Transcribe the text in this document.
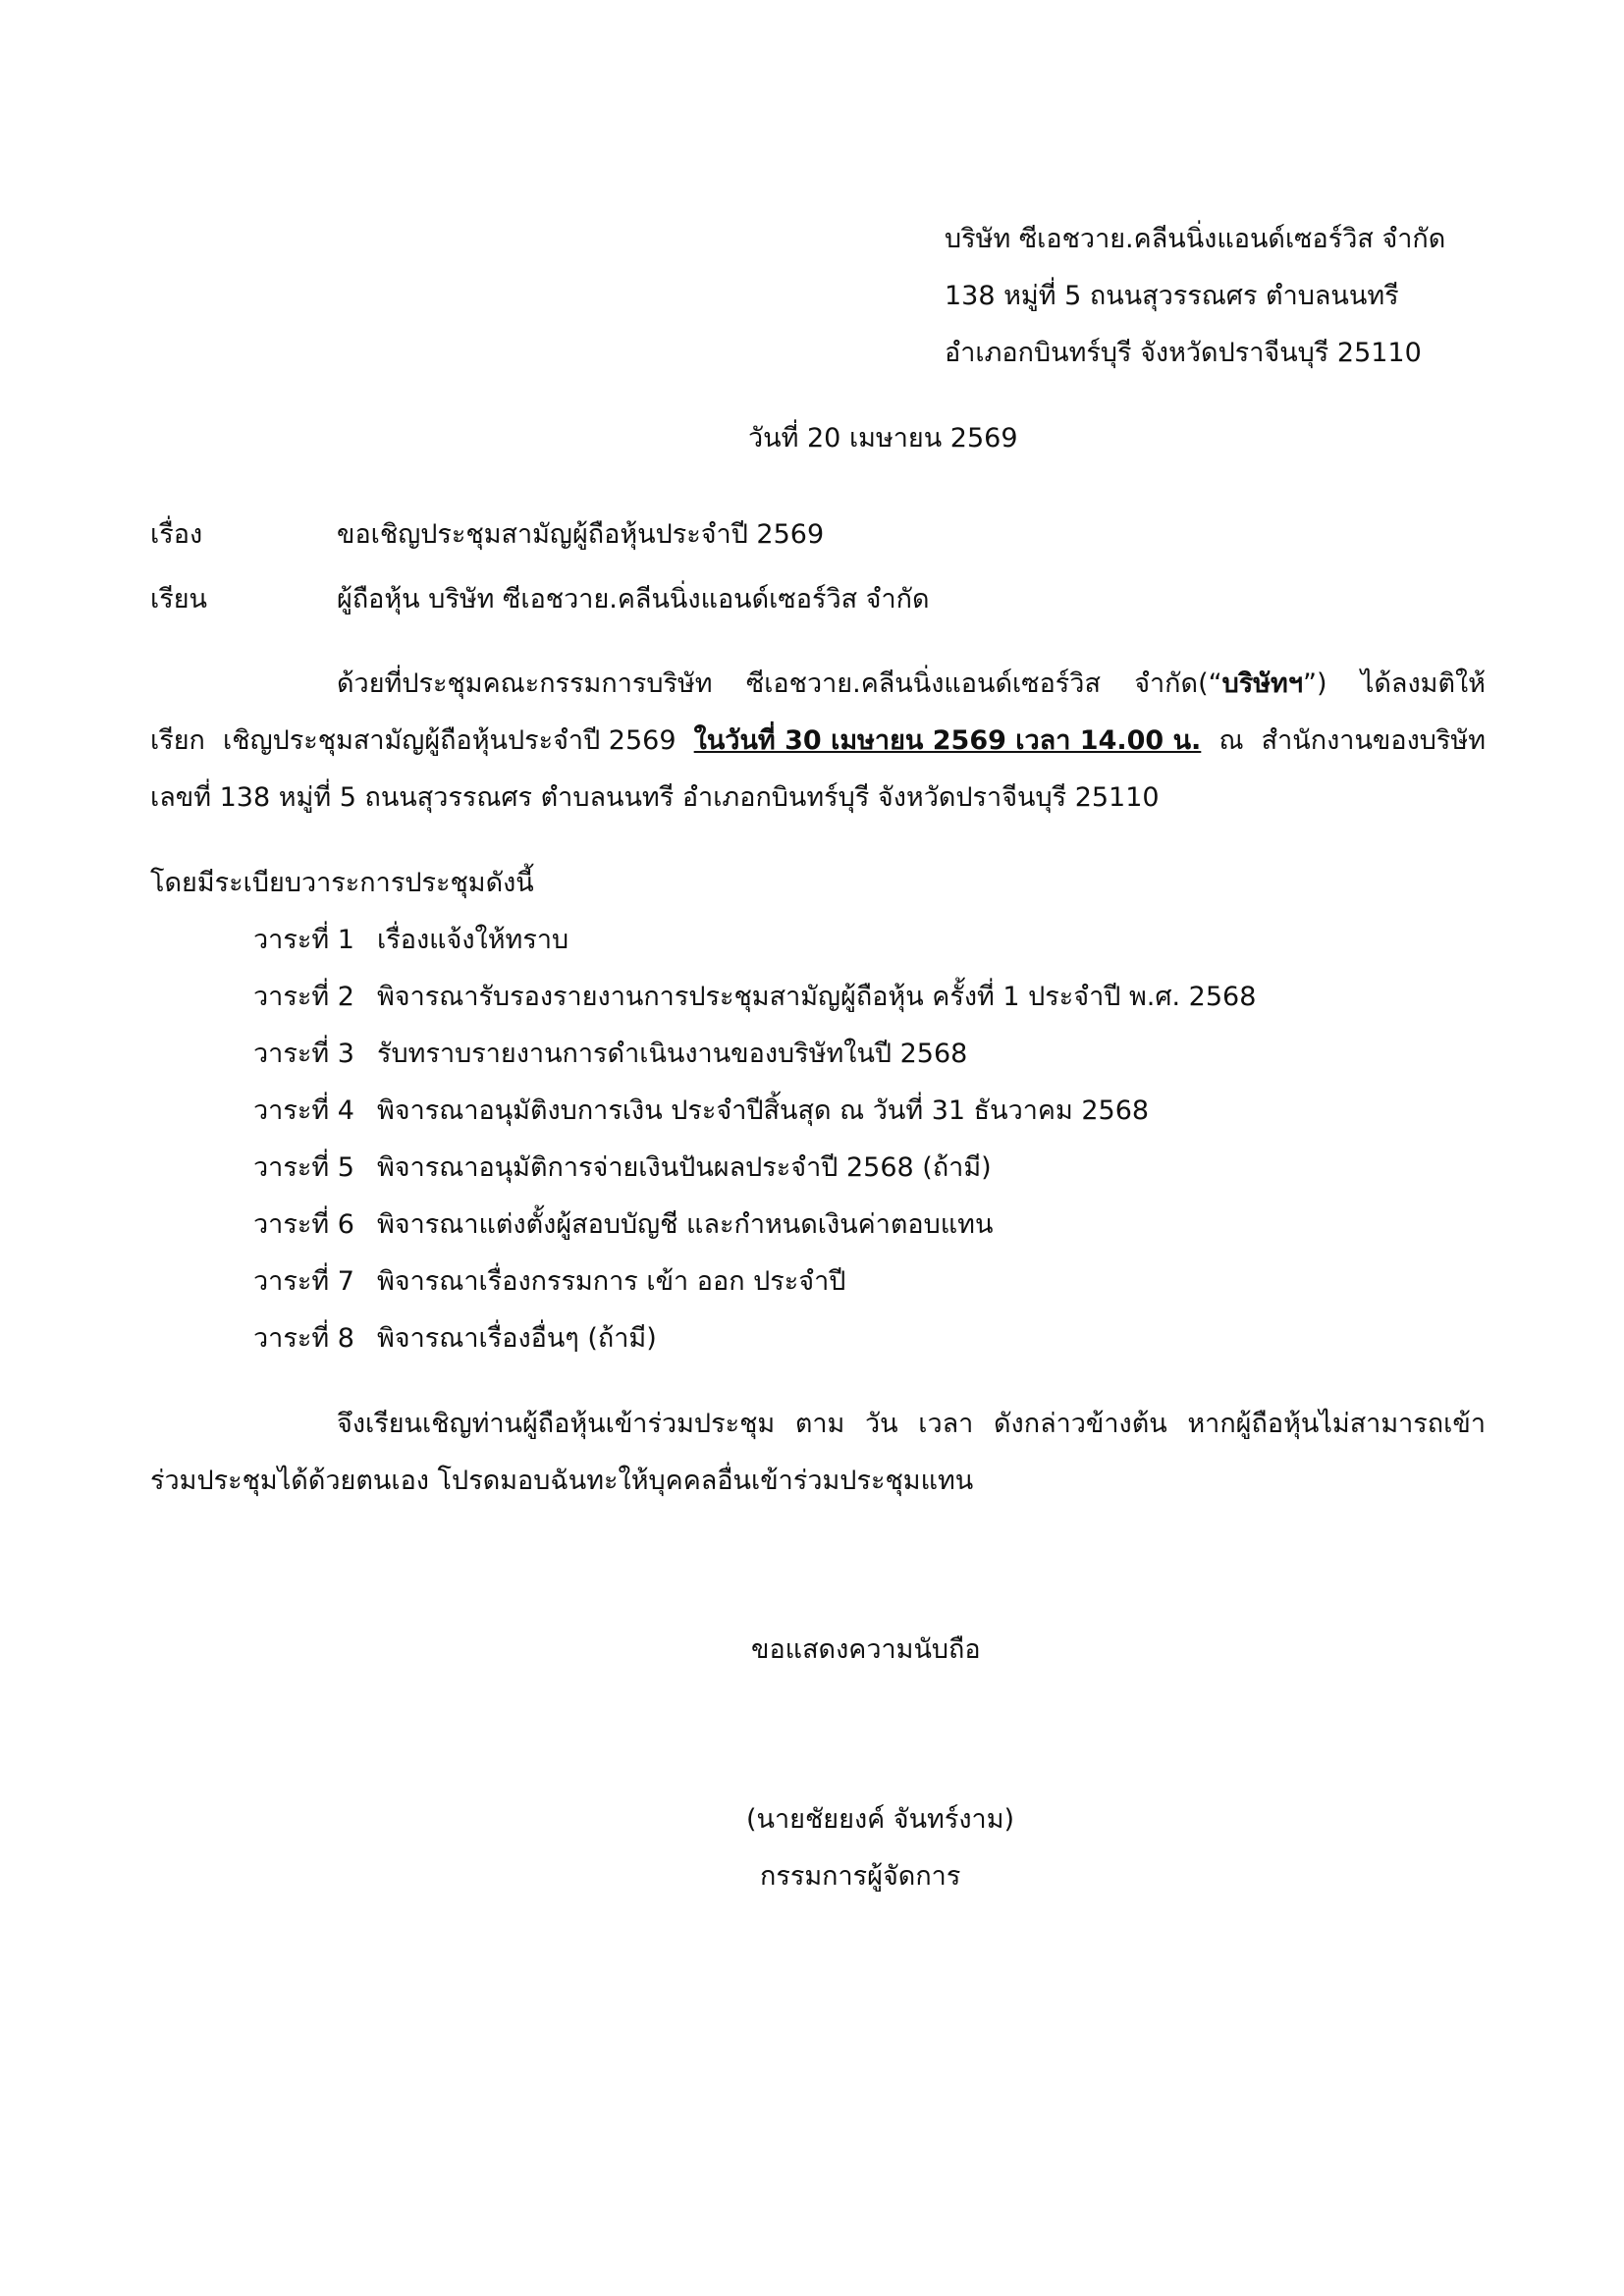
บริษัท ซีเอชวาย.คลีนนิ่งแอนด์เซอร์วิส จำกัด
138 หมู่ที่ 5 ถนนสุวรรณศร ตำบลนนทรี
อำเภอกบินทร์บุรี จังหวัดปราจีนบุรี 25110
วันที่ 20 เมษายน 2569
เรื่อง	ขอเชิญประชุมสามัญผู้ถือหุ้นประจำปี 2569
เรียน	ผู้ถือหุ้น บริษัท ซีเอชวาย.คลีนนิ่งแอนด์เซอร์วิส จำกัด
ด้วยที่ประชุมคณะกรรมการบริษัท ซีเอชวาย.คลีนนิ่งแอนด์เซอร์วิส จำกัด(“บริษัทฯ”) ได้ลงมติให้
เรียก เชิญประชุมสามัญผู้ถือหุ้นประจำปี 2569 ในวันที่ 30 เมษายน 2569 เวลา 14.00 น. ณ สำนักงานของบริษัท
เลขที่ 138 หมู่ที่ 5 ถนนสุวรรณศร ตำบลนนทรี อำเภอกบินทร์บุรี จังหวัดปราจีนบุรี 25110
โดยมีระเบียบวาระการประชุมดังนี้
วาระที่ 1 เรื่องแจ้งให้ทราบ
วาระที่ 2 พิจารณารับรองรายงานการประชุมสามัญผู้ถือหุ้น ครั้งที่ 1 ประจำปี พ.ศ. 2568
วาระที่ 3 รับทราบรายงานการดำเนินงานของบริษัทในปี 2568
วาระที่ 4 พิจารณาอนุมัติงบการเงิน ประจำปีสิ้นสุด ณ วันที่ 31 ธันวาคม 2568
วาระที่ 5 พิจารณาอนุมัติการจ่ายเงินปันผลประจำปี 2568 (ถ้ามี)
วาระที่ 6 พิจารณาแต่งตั้งผู้สอบบัญชี และกำหนดเงินค่าตอบแทน
วาระที่ 7 พิจารณาเรื่องกรรมการ เข้า ออก ประจำปี
วาระที่ 8 พิจารณาเรื่องอื่นๆ (ถ้ามี)
จึงเรียนเชิญท่านผู้ถือหุ้นเข้าร่วมประชุม ตาม วัน เวลา ดังกล่าวข้างต้น หากผู้ถือหุ้นไม่สามารถเข้า
ร่วมประชุมได้ด้วยตนเอง โปรดมอบฉันทะให้บุคคลอื่นเข้าร่วมประชุมแทน
ขอแสดงความนับถือ
(นายชัยยงค์ จันทร์งาม)
กรรมการผู้จัดการ
